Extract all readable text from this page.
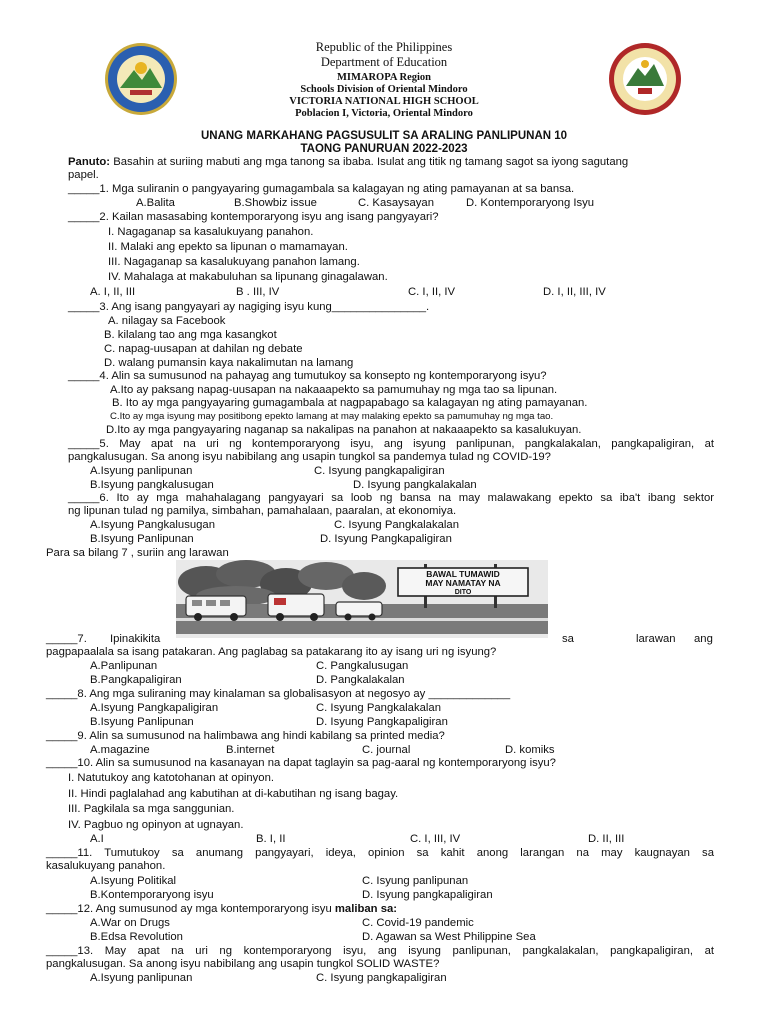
Republic of the Philippines
Department of Education
MIMAROPA Region
Schools Division of Oriental Mindoro
VICTORIA NATIONAL HIGH SCHOOL
Poblacion I, Victoria, Oriental Mindoro
UNANG MARKAHANG PAGSUSULIT SA ARALING PANLIPUNAN 10
TAONG PANURUAN 2022-2023
Panuto: Basahin at suriing mabuti ang mga tanong sa ibaba. Isulat ang titik ng tamang sagot sa iyong sagutang
papel.
_____1. Mga suliranin o pangyayaring gumagambala sa kalagayan ng ating pamayanan at sa bansa.
A.Balita	B.Showbiz issue	C. Kasaysayan	D. Kontemporaryong Isyu
_____2. Kailan masasabing kontemporaryong isyu ang isang pangyayari?
I. Nagaganap sa kasalukuyang panahon.
II. Malaki ang epekto sa lipunan o mamamayan.
III. Nagaganap sa kasalukuyang panahon lamang.
IV. Mahalaga at makabuluhan sa lipunang ginagalawan.
A. I, II, III	B . III, IV	C. I, II, IV	D. I, II, III, IV
_____3. Ang isang pangyayari ay nagiging isyu kung_______________.
A. nilagay sa Facebook
B. kilalang tao ang mga kasangkot
C. napag-uusapan at dahilan ng debate
D. walang pumansin kaya nakalimutan na lamang
_____4. Alin sa sumusunod na pahayag ang tumutukoy sa konsepto ng kontemporaryong isyu?
A.Ito ay paksang napag-uusapan na nakaaapekto sa pamumuhay ng mga tao sa lipunan.
B. Ito ay mga pangyayaring gumagambala at nagpapabago sa kalagayan ng ating pamayanan.
C.Ito ay mga isyung may positibong epekto lamang at may malaking epekto sa pamumuhay ng mga tao.
D.Ito ay mga pangyayaring naganap sa nakalipas na panahon at nakaaapekto sa kasalukuyan.
_____5. May apat na uri ng kontemporaryong isyu, ang isyung panlipunan, pangkalakalan, pangkapaligiran, at
pangkalusugan. Sa anong isyu nabibilang ang usapin tungkol sa pandemya tulad ng COVID-19?
A.Isyung panlipunan	C. Isyung pangkapaligiran
B.Isyung pangkalusugan	D. Isyung pangkalakalan
_____6. Ito ay mga mahahalagang pangyayari sa loob ng bansa na may malawakang epekto sa iba't ibang sektor
ng lipunan tulad ng pamilya, simbahan, pamahalaan, paaralan, at ekonomiya.
A.Isyung Pangkalusugan	C. Isyung Pangkalakalan
B.Isyung Panlipunan	D. Isyung Pangkapaligiran
Para sa bilang 7 , suriin ang larawan
BAWAL TUMAWID
MAY NAMATAY NA
DITO
_____7. Ipinakikita	sa	larawan ang
pagpapaalala sa isang patakaran. Ang paglabag sa patakarang ito ay isang uri ng isyung?
A.Panlipunan	C. Pangkalusugan
B.Pangkapaligiran	D. Pangkalakalan
_____8. Ang mga suliraning may kinalaman sa globalisasyon at negosyo ay _____________
A.Isyung Pangkapaligiran	C. Isyung Pangkalakalan
B.Isyung Panlipunan	D. Isyung Pangkapaligiran
_____9. Alin sa sumusunod na halimbawa ang hindi kabilang sa printed media?
A.magazine	B.internet	C. journal	D. komiks
_____10. Alin sa sumusunod na kasanayan na dapat taglayin sa pag-aaral ng kontemporaryong isyu?
I. Natutukoy ang katotohanan at opinyon.
II. Hindi paglalahad ang kabutihan at di-kabutihan ng isang bagay.
III. Pagkilala sa mga sanggunian.
IV. Pagbuo ng opinyon at ugnayan.
A.I	B. I, II	C. I, III, IV	D. II, III
_____11. Tumutukoy sa anumang pangyayari, ideya, opinion sa kahit anong larangan na may kaugnayan sa
kasalukuyang panahon.
A.Isyung Politikal	C. Isyung panlipunan
B.Kontemporaryong isyu	D. Isyung pangkapaligiran
_____12. Ang sumusunod ay mga kontemporaryong isyu maliban sa:
A.War on Drugs	C. Covid-19 pandemic
B.Edsa Revolution	D. Agawan sa West Philippine Sea
_____13. May apat na uri ng kontemporaryong isyu, ang isyung panlipunan, pangkalakalan, pangkapaligiran, at
pangkalusugan. Sa anong isyu nabibilang ang usapin tungkol SOLID WASTE?
A.Isyung panlipunan	C. Isyung pangkapaligiran
